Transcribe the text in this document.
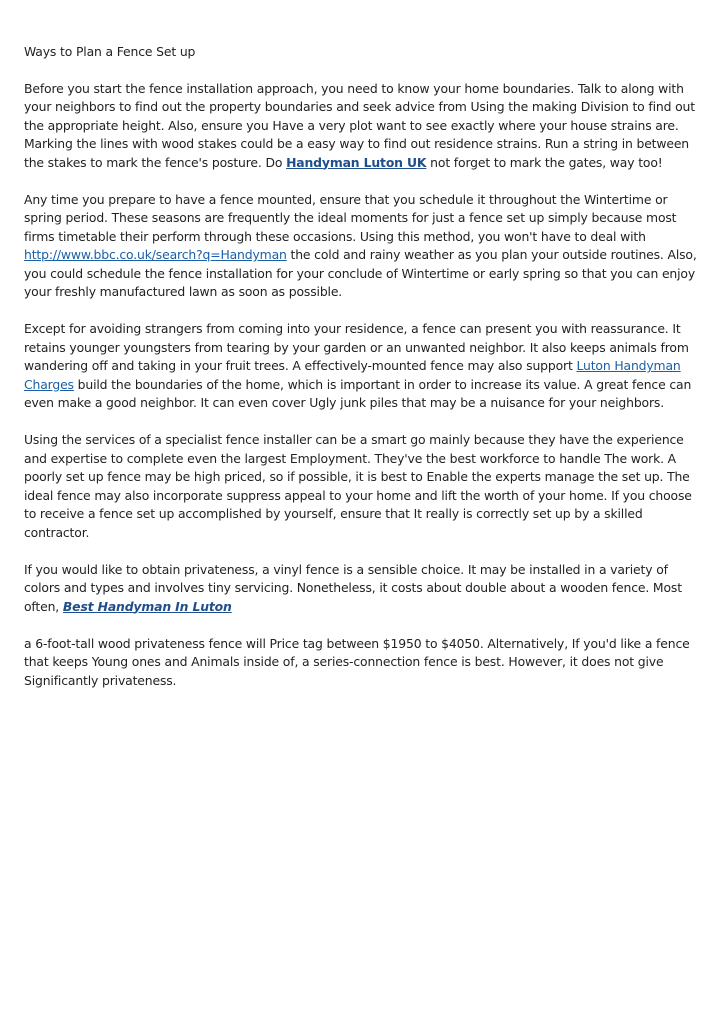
Ways to Plan a Fence Set up

Before you start the fence installation approach, you need to know your home boundaries. Talk to along with your neighbors to find out the property boundaries and seek advice from Using the making Division to find out the appropriate height. Also, ensure you Have a very plot want to see exactly where your house strains are. Marking the lines with wood stakes could be a easy way to find out residence strains. Run a string in between the stakes to mark the fence's posture. Do Handyman Luton UK not forget to mark the gates, way too!

Any time you prepare to have a fence mounted, ensure that you schedule it throughout the Wintertime or spring period. These seasons are frequently the ideal moments for just a fence set up simply because most firms timetable their perform through these occasions. Using this method, you won't have to deal with http://www.bbc.co.uk/search?q=Handyman the cold and rainy weather as you plan your outside routines. Also, you could schedule the fence installation for your conclude of Wintertime or early spring so that you can enjoy your freshly manufactured lawn as soon as possible.

Except for avoiding strangers from coming into your residence, a fence can present you with reassurance. It retains younger youngsters from tearing by your garden or an unwanted neighbor. It also keeps animals from wandering off and taking in your fruit trees. A effectively-mounted fence may also support Luton Handyman Charges build the boundaries of the home, which is important in order to increase its value. A great fence can even make a good neighbor. It can even cover Ugly junk piles that may be a nuisance for your neighbors.

Using the services of a specialist fence installer can be a smart go mainly because they have the experience and expertise to complete even the largest Employment. They've the best workforce to handle The work. A poorly set up fence may be high priced, so if possible, it is best to Enable the experts manage the set up. The ideal fence may also incorporate suppress appeal to your home and lift the worth of your home. If you choose to receive a fence set up accomplished by yourself, ensure that It really is correctly set up by a skilled contractor.

If you would like to obtain privateness, a vinyl fence is a sensible choice. It may be installed in a variety of colors and types and involves tiny servicing. Nonetheless, it costs about double about a wooden fence. Most often, Best Handyman In Luton

a 6-foot-tall wood privateness fence will Price tag between $1950 to $4050. Alternatively, If you'd like a fence that keeps Young ones and Animals inside of, a series-connection fence is best. However, it does not give Significantly privateness.
